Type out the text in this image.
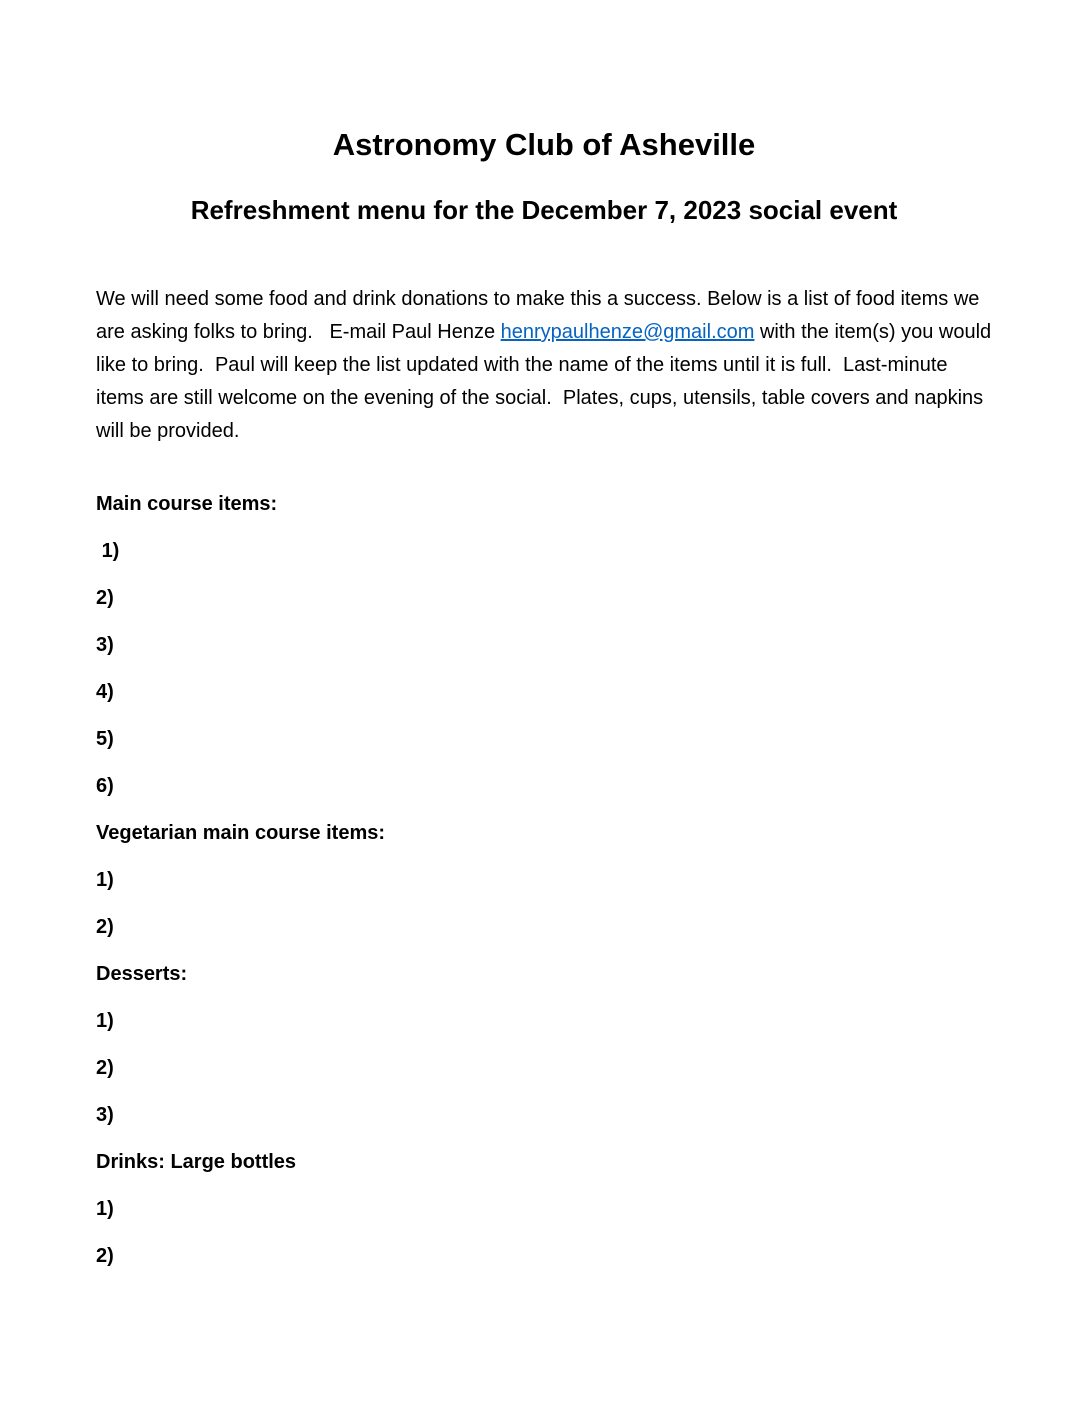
Astronomy Club of Asheville
Refreshment menu for the December 7, 2023 social event

We will need some food and drink donations to make this a success. Below is a list of food items we are asking folks to bring.   E-mail Paul Henze henrypaulhenze@gmail.com with the item(s) you would like to bring.  Paul will keep the list updated with the name of the items until it is full.  Last-minute items are still welcome on the evening of the social.  Plates, cups, utensils, table covers and napkins will be provided.

Main course items:

1)

2)

3)

4)

5)

6)

Vegetarian main course items:

1)

2)

Desserts:

1)

2)

3)

Drinks: Large bottles

1)

2)
